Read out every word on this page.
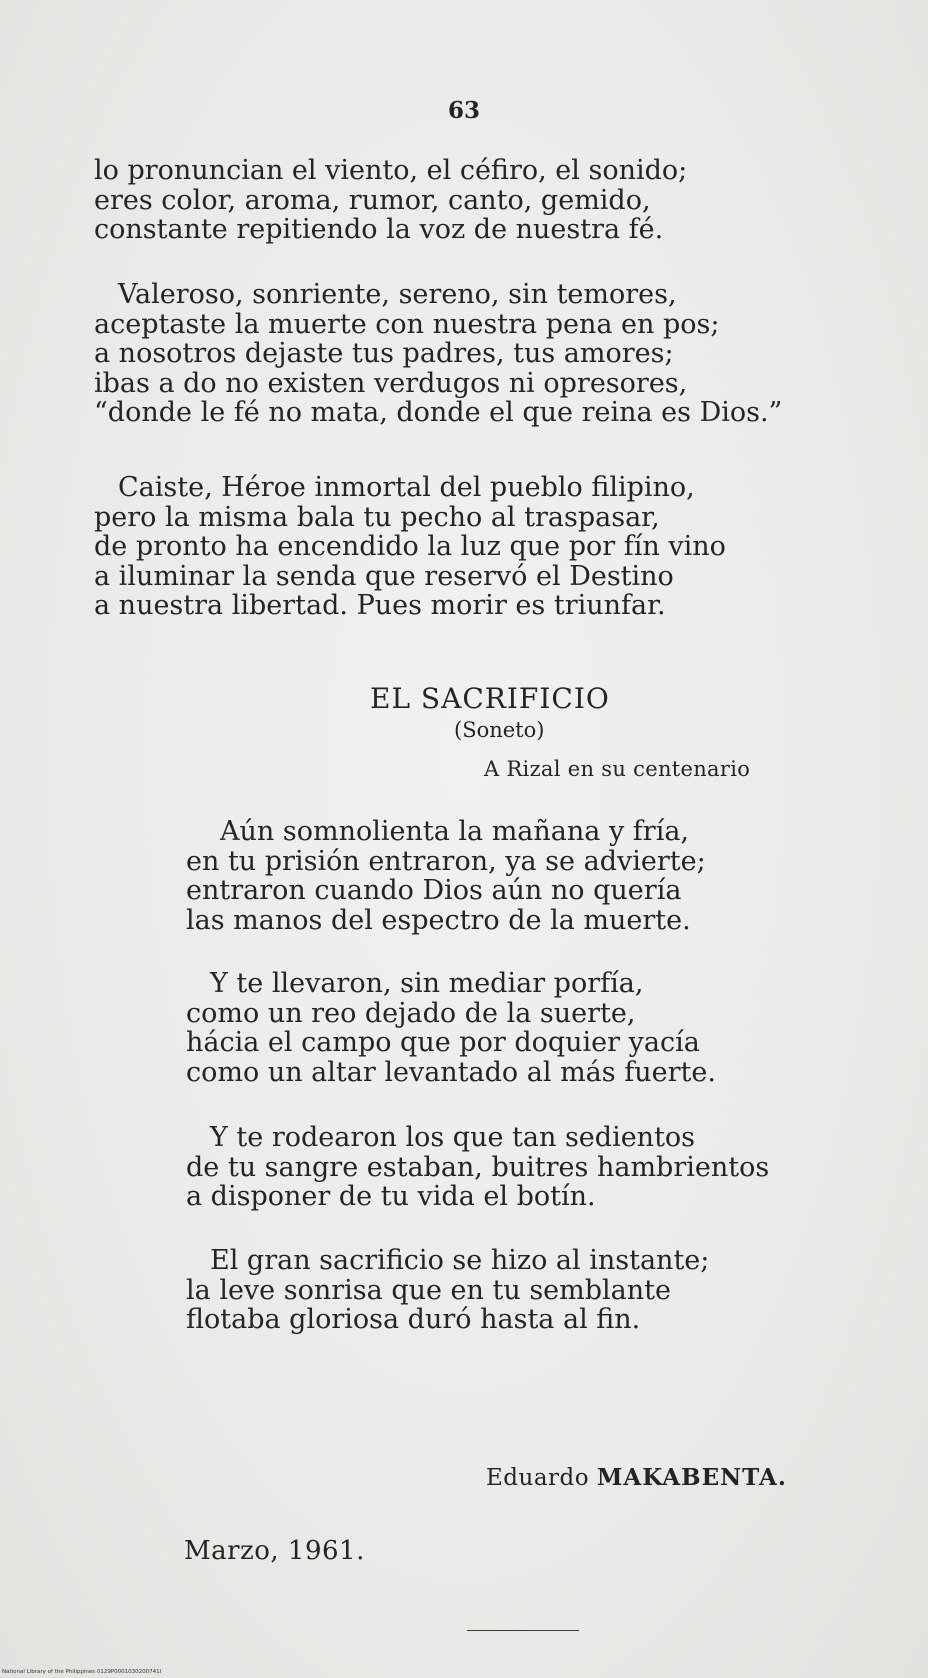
63
lo pronuncian el viento, el céfiro, el sonido;
eres color, aroma, rumor, canto, gemido,
constante repitiendo la voz de nuestra fé.
Valeroso, sonriente, sereno, sin temores,
aceptaste la muerte con nuestra pena en pos;
a nosotros dejaste tus padres, tus amores;
ibas a do no existen verdugos ni opresores,
“donde le fé no mata, donde el que reina es Dios.”
Caiste, Héroe inmortal del pueblo filipino,
pero la misma bala tu pecho al traspasar,
de pronto ha encendido la luz que por fín vino
a iluminar la senda que reservó el Destino
a nuestra libertad. Pues morir es triunfar.
EL SACRIFICIO
(Soneto)
A Rizal en su centenario
Aún somnolienta la mañana y fría,
en tu prisión entraron, ya se advierte;
entraron cuando Dios aún no quería
las manos del espectro de la muerte.
Y te llevaron, sin mediar porfía,
como un reo dejado de la suerte,
hácia el campo que por doquier yacía
como un altar levantado al más fuerte.
Y te rodearon los que tan sedientos
de tu sangre estaban, buitres hambrientos
a disponer de tu vida el botín.
El gran sacrificio se hizo al instante;
la leve sonrisa que en tu semblante
flotaba gloriosa duró hasta al fin.
Eduardo MAKABENTA.
Marzo, 1961.
National Library of the Philippines 0129P0001030200741I
